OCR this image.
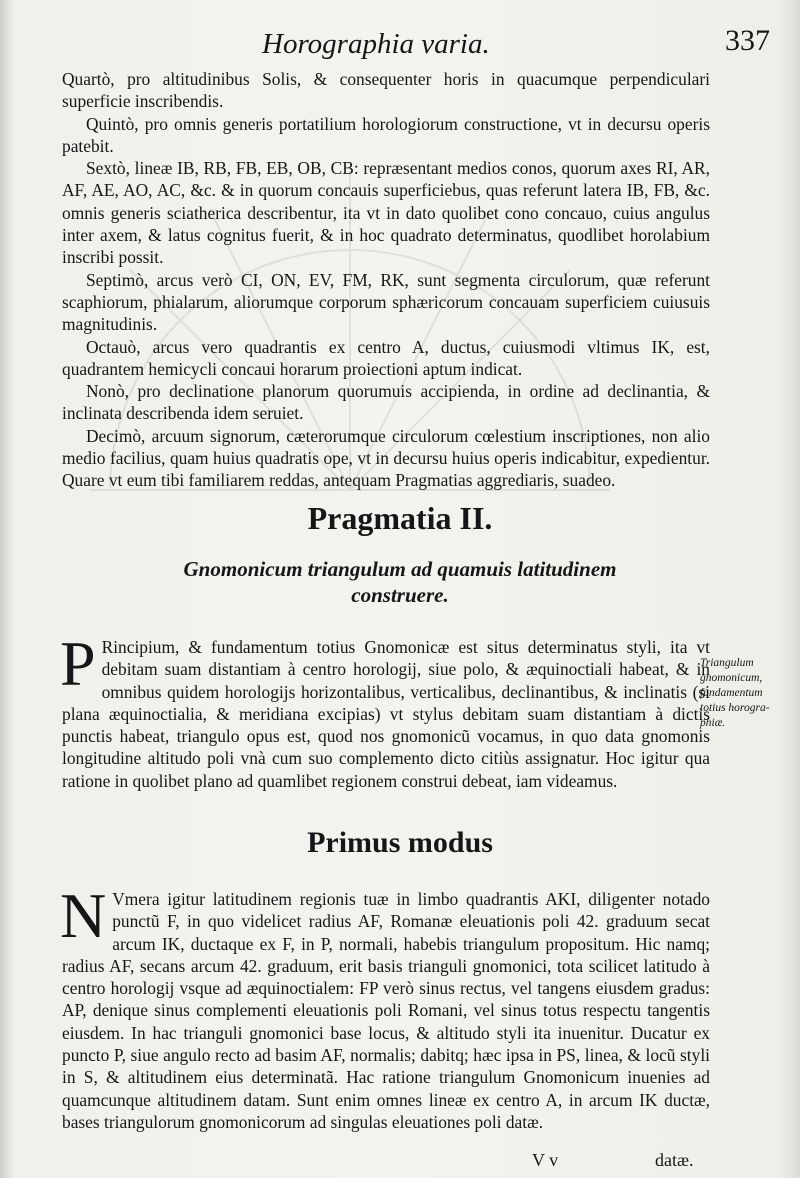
Horographia varia.	337

Quartò, pro altitudinibus Solis, & consequenter horis in quacumque perpendiculari superficie inscribendis.

Quintò, pro omnis generis portatilium horologiorum constructione, vt in decursu operis patebit.

Sextò, lineæ IB, RB, FB, EB, OB, CB: repræsentant medios conos, quorum axes RI, AR, AF, AE, AO, AC, &c. & in quorum concauis superficiebus, quas referunt latera IB, FB, &c. omnis generis sciatherica describentur, ita vt in dato quolibet cono concauo, cuius angulus inter axem, & latus cognitus fuerit, & in hoc quadrato determinatus, quodlibet horolabium inscribi possit.

Septimò, arcus verò CI, ON, EV, FM, RK, sunt segmenta circulorum, quæ referunt scaphiorum, phialarum, aliorumque corporum sphæricorum concauam superficiem cuiusuis magnitudinis.

Octauò, arcus vero quadrantis ex centro A, ductus, cuiusmodi vltimus IK, est, quadrantem hemicycli concaui horarum proiectioni aptum indicat.

Nonò, pro declinatione planorum quorumuis accipienda, in ordine ad declinantia, & inclinata describenda idem seruiet.

Decimò, arcuum signorum, cæterorumque circulorum cœlestium inscriptiones, non alio medio facilius, quam huius quadratis ope, vt in decursu huius operis indicabitur, expedientur. Quare vt eum tibi familiarem reddas, antequam Pragmatias aggrediaris, suadeo.

Pragmatia II.
Gnomonicum triangulum ad quamuis latitudinem
construere.

P Rincipium, & fundamentum totius Gnomonicæ est situs determinatus styli, ita vt debitam suam distantiam à centro horologij, siue polo, & æquinoctiali habeat, & in omnibus quidem horologijs horizontalibus, verticalibus, declinantibus, & inclinatis (si plana æquinoctialia, & meridiana excipias) vt stylus debitam suam distantiam à dictis punctis habeat, triangulo opus est, quod nos gnomonicũ vocamus, in quo data gnomonis longitudine altitudo poli vnà cum suo complemento dicto citiùs assignatur. Hoc igitur qua ratione in quolibet plano ad quamlibet regionem construi debeat, iam videamus.

Triangulum
gnomonicum,
fundamentum
totius horogra-
phiæ.
Primus modus

N Vmera igitur latitudinem regionis tuæ in limbo quadrantis AKI, diligenter notado punctũ F, in quo videlicet radius AF, Romanæ eleuationis poli 42. graduum secat arcum IK, ductaque ex F, in P, normali, habebis triangulum propositum. Hic namq; radius AF, secans arcum 42. graduum, erit basis trianguli gnomonici, tota scilicet latitudo à centro horologij vsque ad æquinoctialem: FP verò sinus rectus, vel tangens eiusdem gradus: AP, denique sinus complementi eleuationis poli Romani, vel sinus totus respectu tangentis eiusdem. In hac trianguli gnomonici base locus, & altitudo styli ita inuenitur. Ducatur ex puncto P, siue angulo recto ad basim AF, normalis; dabitq; hæc ipsa in PS, linea, & locũ styli in S, & altitudinem eius determinatã. Hac ratione triangulum Gnomonicum inuenies ad quamcunque altitudinem datam. Sunt enim omnes lineæ ex centro A, in arcum IK ductæ, bases triangulorum gnomonicorum ad singulas eleuationes poli datæ.

V v	datæ.
